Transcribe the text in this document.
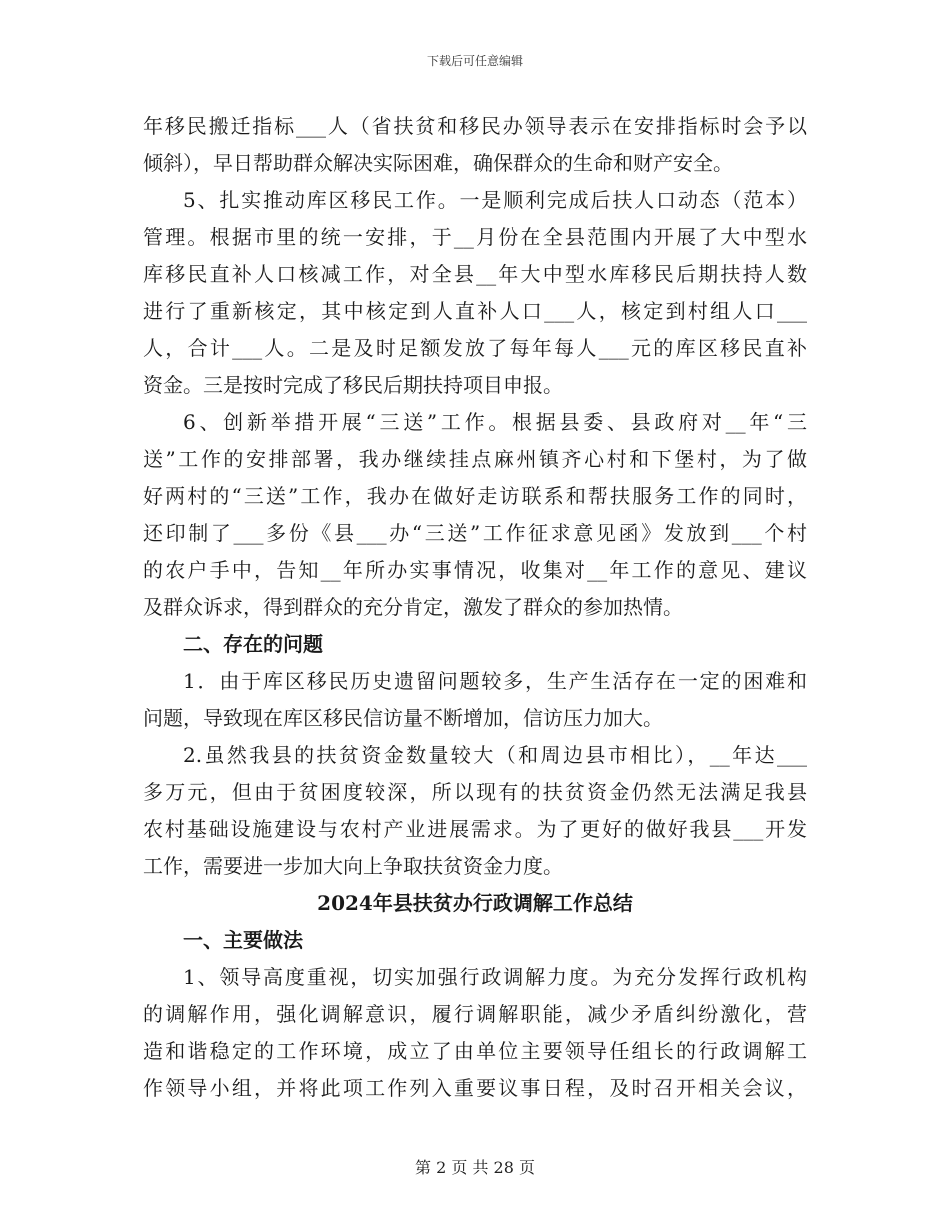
下载后可任意编辑
年移民搬迁指标___人（省扶贫和移民办领导表示在安排指标时会予以
倾斜），早日帮助群众解决实际困难，确保群众的生命和财产安全。
5、扎实推动库区移民工作。一是顺利完成后扶人口动态（范本）
管理。根据市里的统一安排，于__月份在全县范围内开展了大中型水
库移民直补人口核减工作，对全县__年大中型水库移民后期扶持人数
进行了重新核定，其中核定到人直补人口___人，核定到村组人口___
人，合计___人。二是及时足额发放了每年每人___元的库区移民直补
资金。三是按时完成了移民后期扶持项目申报。
6、创新举措开展“三送”工作。根据县委、县政府对__年“三
送”工作的安排部署，我办继续挂点麻州镇齐心村和下堡村，为了做
好两村的“三送”工作，我办在做好走访联系和帮扶服务工作的同时，
还印制了___多份《县___办“三送”工作征求意见函》发放到___个村
的农户手中，告知__年所办实事情况，收集对__年工作的意见、建议
及群众诉求，得到群众的充分肯定，激发了群众的参加热情。
二、存在的问题
1．由于库区移民历史遗留问题较多，生产生活存在一定的困难和
问题，导致现在库区移民信访量不断增加，信访压力加大。
2.虽然我县的扶贫资金数量较大（和周边县市相比），__年达___
多万元，但由于贫困度较深，所以现有的扶贫资金仍然无法满足我县
农村基础设施建设与农村产业进展需求。为了更好的做好我县___开发
工作，需要进一步加大向上争取扶贫资金力度。
2024年县扶贫办行政调解工作总结
一、主要做法
1、领导高度重视，切实加强行政调解力度。为充分发挥行政机构
的调解作用，强化调解意识，履行调解职能，减少矛盾纠纷激化，营
造和谐稳定的工作环境，成立了由单位主要领导任组长的行政调解工
作领导小组，并将此项工作列入重要议事日程，及时召开相关会议，
第 2 页 共 28 页
